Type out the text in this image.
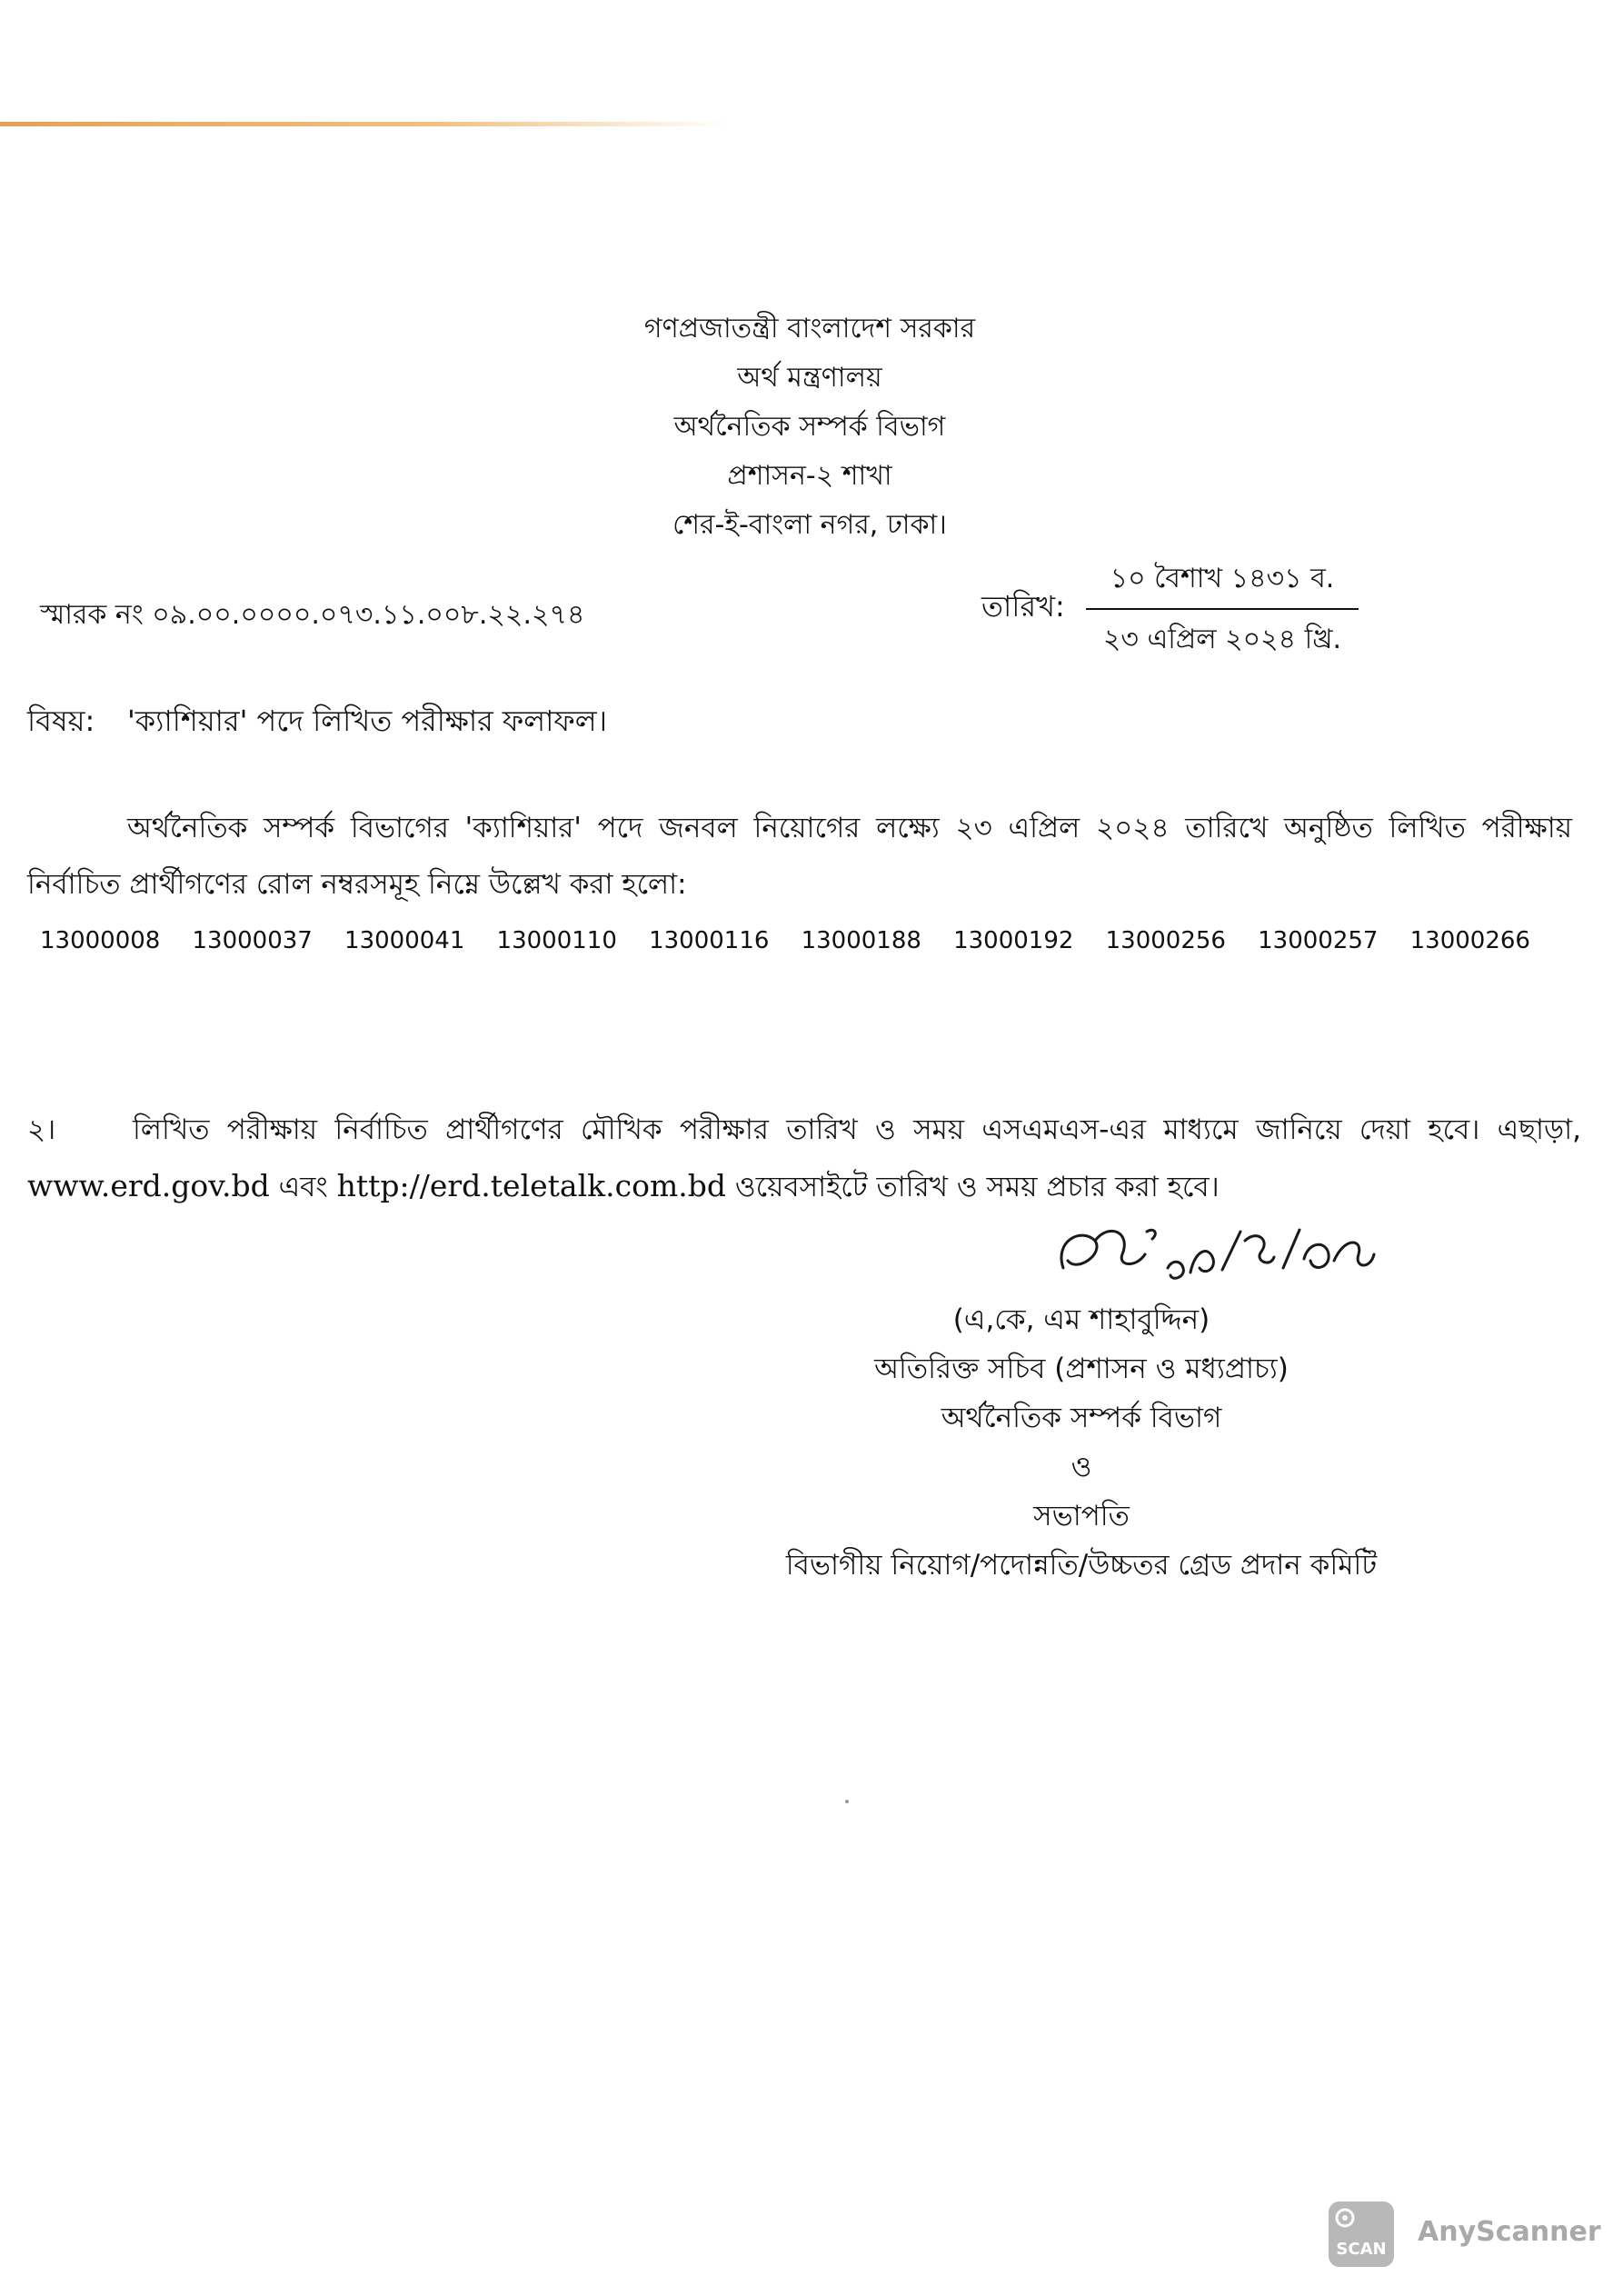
গণপ্রজাতন্ত্রী বাংলাদেশ সরকার
অর্থ মন্ত্রণালয়
অর্থনৈতিক সম্পর্ক বিভাগ
প্রশাসন-২ শাখা
শের-ই-বাংলা নগর, ঢাকা।
স্মারক নং ০৯.০০.০০০০.০৭৩.১১.০০৮.২২.২৭৪	তারিখ:
১০ বৈশাখ ১৪৩১ ব.
২৩ এপ্রিল ২০২৪ খ্রি.
বিষয়: 'ক্যাশিয়ার' পদে লিখিত পরীক্ষার ফলাফল।
অর্থনৈতিক সম্পর্ক বিভাগের 'ক্যাশিয়ার' পদে জনবল নিয়োগের লক্ষ্যে ২৩ এপ্রিল ২০২৪ তারিখে অনুষ্ঠিত লিখিত পরীক্ষায় নির্বাচিত প্রার্থীগণের রোল নম্বরসমূহ নিম্নে উল্লেখ করা হলো:
13000008 13000037 13000041 13000110 13000116 13000188 13000192 13000256 13000257 13000266
২।	লিখিত পরীক্ষায় নির্বাচিত প্রার্থীগণের মৌখিক পরীক্ষার তারিখ ও সময় এসএমএস-এর মাধ্যমে জানিয়ে দেয়া হবে। এছাড়া, www.erd.gov.bd এবং http://erd.teletalk.com.bd ওয়েবসাইটে তারিখ ও সময় প্রচার করা হবে।
(এ,কে, এম শাহাবুদ্দিন)
অতিরিক্ত সচিব (প্রশাসন ও মধ্যপ্রাচ্য)
অর্থনৈতিক সম্পর্ক বিভাগ
ও
সভাপতি
বিভাগীয় নিয়োগ/পদোন্নতি/উচ্চতর গ্রেড প্রদান কমিটি
SCAN
AnyScanner
